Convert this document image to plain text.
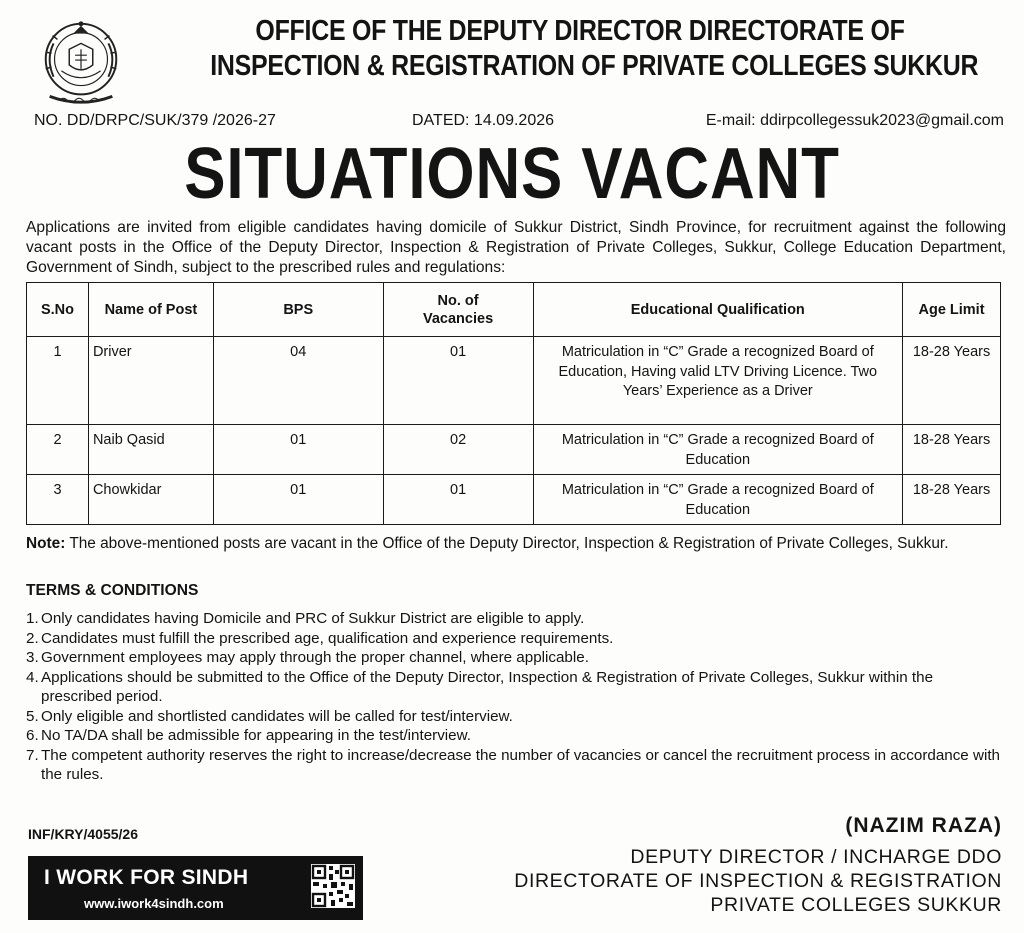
OFFICE OF THE DEPUTY DIRECTOR DIRECTORATE OF
INSPECTION & REGISTRATION OF PRIVATE COLLEGES SUKKUR
NO. DD/DRPC/SUK/379 /2026-27	DATED: 14.09.2026	E-mail: ddirpcollegessuk2023@gmail.com
SITUATIONS VACANT
Applications are invited from eligible candidates having domicile of Sukkur District, Sindh Province, for recruitment against the following vacant posts in the Office of the Deputy Director, Inspection & Registration of Private Colleges, Sukkur, College Education Department, Government of Sindh, subject to the prescribed rules and regulations:
S.No	Name of Post	BPS	No. of Vacancies	Educational Qualification	Age Limit
1	Driver	04	01	Matriculation in “C” Grade a recognized Board of Education, Having valid LTV Driving Licence. Two Years’ Experience as a Driver	18-28 Years
2	Naib Qasid	01	02	Matriculation in “C” Grade a recognized Board of Education	18-28 Years
3	Chowkidar	01	01	Matriculation in “C” Grade a recognized Board of Education	18-28 Years
Note: The above-mentioned posts are vacant in the Office of the Deputy Director, Inspection & Registration of Private Colleges, Sukkur.
TERMS & CONDITIONS
1. Only candidates having Domicile and PRC of Sukkur District are eligible to apply.
2. Candidates must fulfill the prescribed age, qualification and experience requirements.
3. Government employees may apply through the proper channel, where applicable.
4. Applications should be submitted to the Office of the Deputy Director, Inspection & Registration of Private Colleges, Sukkur within the prescribed period.
5. Only eligible and shortlisted candidates will be called for test/interview.
6. No TA/DA shall be admissible for appearing in the test/interview.
7. The competent authority reserves the right to increase/decrease the number of vacancies or cancel the recruitment process in accordance with the rules.
INF/KRY/4055/26
I WORK FOR SINDH
www.iwork4sindh.com
(NAZIM RAZA)
DEPUTY DIRECTOR / INCHARGE DDO
DIRECTORATE OF INSPECTION & REGISTRATION
PRIVATE COLLEGES SUKKUR
